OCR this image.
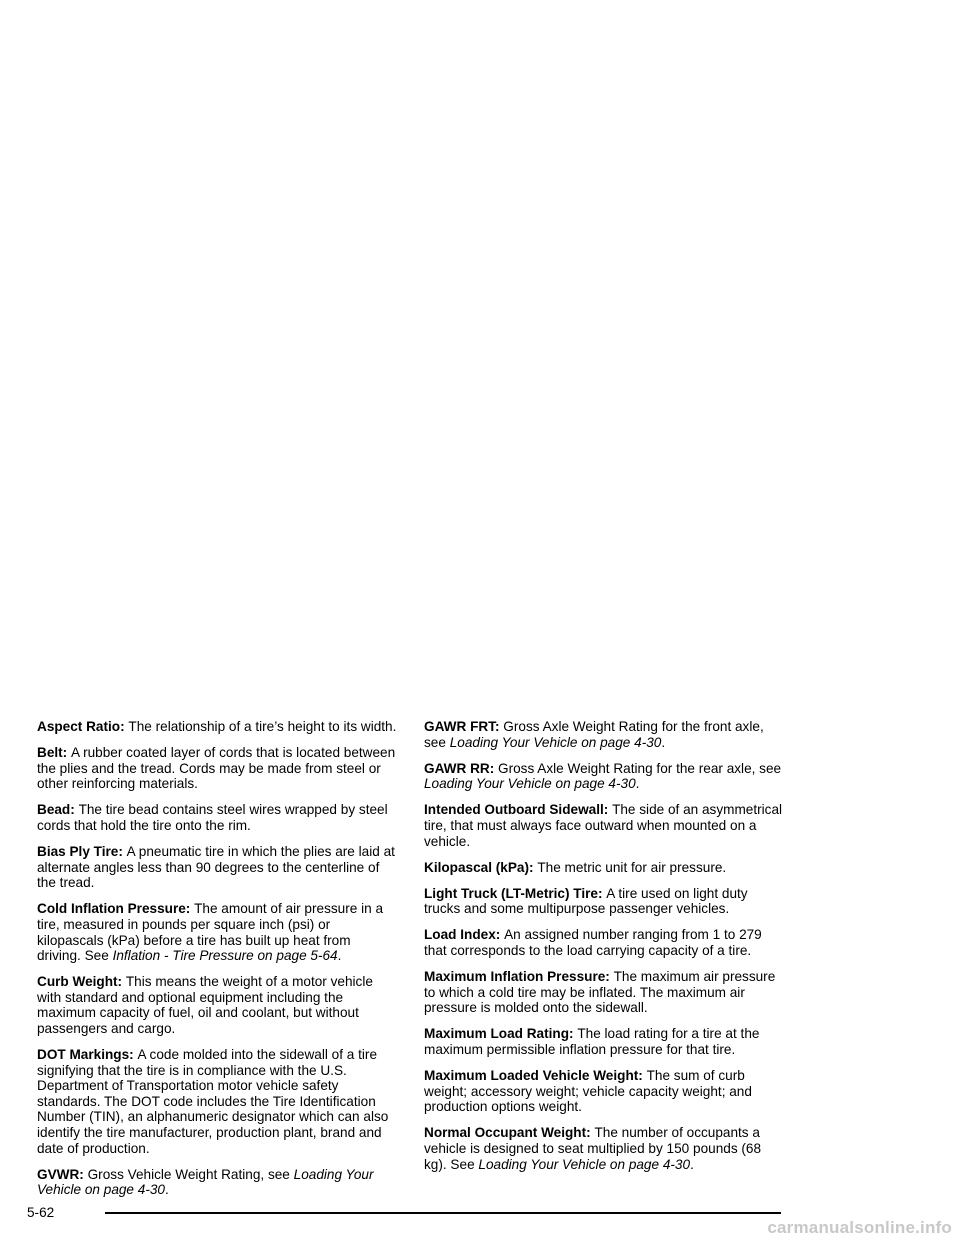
Aspect Ratio: The relationship of a tire’s height to its width.

Belt: A rubber coated layer of cords that is located between the plies and the tread. Cords may be made from steel or other reinforcing materials.

Bead: The tire bead contains steel wires wrapped by steel cords that hold the tire onto the rim.

Bias Ply Tire: A pneumatic tire in which the plies are laid at alternate angles less than 90 degrees to the centerline of the tread.

Cold Inflation Pressure: The amount of air pressure in a tire, measured in pounds per square inch (psi) or kilopascals (kPa) before a tire has built up heat from driving. See Inflation - Tire Pressure on page 5-64.

Curb Weight: This means the weight of a motor vehicle with standard and optional equipment including the maximum capacity of fuel, oil and coolant, but without passengers and cargo.

DOT Markings: A code molded into the sidewall of a tire signifying that the tire is in compliance with the U.S. Department of Transportation motor vehicle safety standards. The DOT code includes the Tire Identification Number (TIN), an alphanumeric designator which can also identify the tire manufacturer, production plant, brand and date of production.

GVWR: Gross Vehicle Weight Rating, see Loading Your Vehicle on page 4-30.

GAWR FRT: Gross Axle Weight Rating for the front axle, see Loading Your Vehicle on page 4-30.

GAWR RR: Gross Axle Weight Rating for the rear axle, see Loading Your Vehicle on page 4-30.

Intended Outboard Sidewall: The side of an asymmetrical tire, that must always face outward when mounted on a vehicle.

Kilopascal (kPa): The metric unit for air pressure.

Light Truck (LT-Metric) Tire: A tire used on light duty trucks and some multipurpose passenger vehicles.

Load Index: An assigned number ranging from 1 to 279 that corresponds to the load carrying capacity of a tire.

Maximum Inflation Pressure: The maximum air pressure to which a cold tire may be inflated. The maximum air pressure is molded onto the sidewall.

Maximum Load Rating: The load rating for a tire at the maximum permissible inflation pressure for that tire.

Maximum Loaded Vehicle Weight: The sum of curb weight; accessory weight; vehicle capacity weight; and production options weight.

Normal Occupant Weight: The number of occupants a vehicle is designed to seat multiplied by 150 pounds (68 kg). See Loading Your Vehicle on page 4-30.

5-62
carmanualsonline.info
